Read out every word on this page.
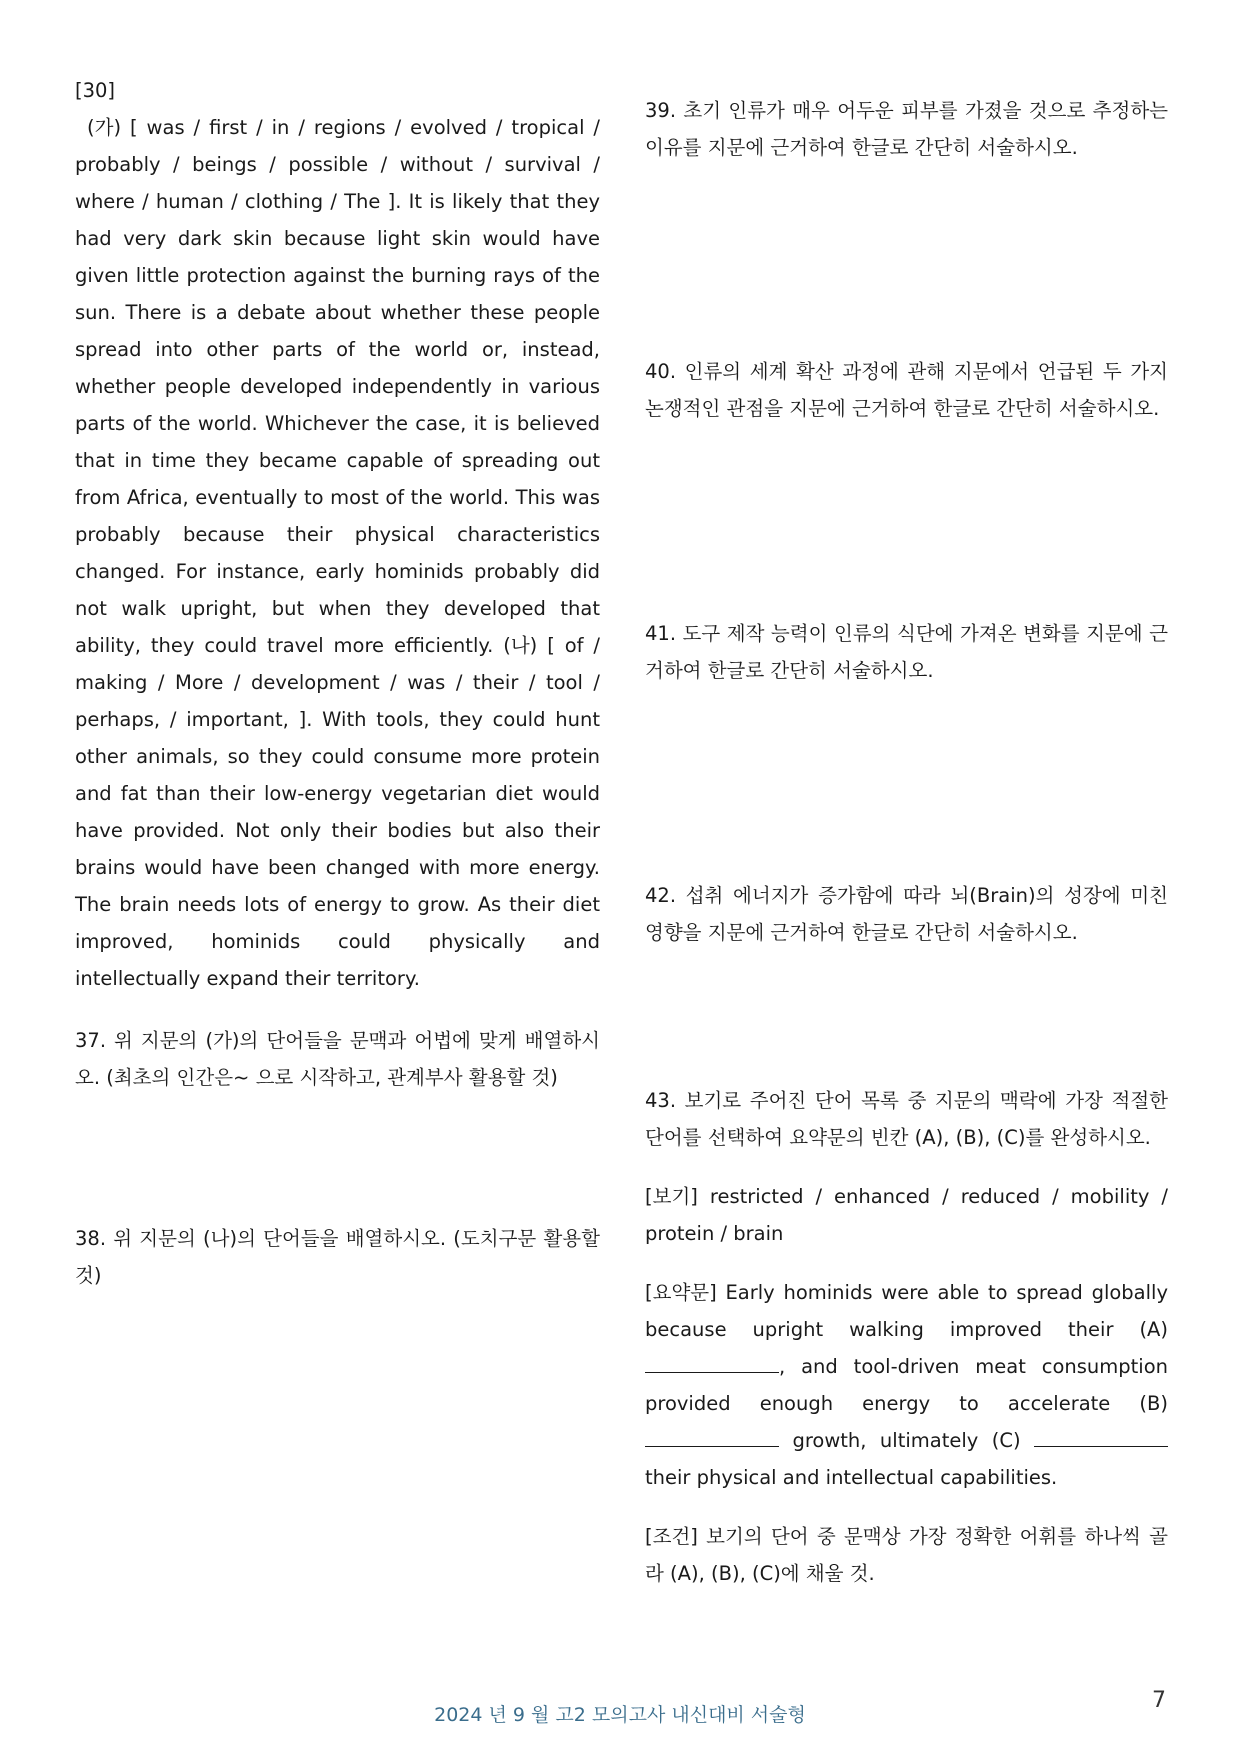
[30]

(가) [ was / first / in / regions / evolved / tropical / probably / beings / possible / without / survival / where / human / clothing / The ]. It is likely that they had very dark skin because light skin would have given little protection against the burning rays of the sun. There is a debate about whether these people spread into other parts of the world or, instead, whether people developed independently in various parts of the world. Whichever the case, it is believed that in time they became capable of spreading out from Africa, eventually to most of the world. This was probably because their physical characteristics changed. For instance, early hominids probably did not walk upright, but when they developed that ability, they could travel more efficiently. (나) [ of / making / More / development / was / their / tool / perhaps, / important, ]. With tools, they could hunt other animals, so they could consume more protein and fat than their low-energy vegetarian diet would have provided. Not only their bodies but also their brains would have been changed with more energy. The brain needs lots of energy to grow. As their diet improved, hominids could physically and intellectually expand their territory.

37. 위 지문의 (가)의 단어들을 문맥과 어법에 맞게 배열하시오. (최초의 인간은~ 으로 시작하고, 관계부사 활용할 것)

38. 위 지문의 (나)의 단어들을 배열하시오. (도치구문 활용할 것)

39. 초기 인류가 매우 어두운 피부를 가졌을 것으로 추정하는 이유를 지문에 근거하여 한글로 간단히 서술하시오.

40. 인류의 세계 확산 과정에 관해 지문에서 언급된 두 가지 논쟁적인 관점을 지문에 근거하여 한글로 간단히 서술하시오.

41. 도구 제작 능력이 인류의 식단에 가져온 변화를 지문에 근거하여 한글로 간단히 서술하시오.

42. 섭취 에너지가 증가함에 따라 뇌(Brain)의 성장에 미친 영향을 지문에 근거하여 한글로 간단히 서술하시오.

43. 보기로 주어진 단어 목록 중 지문의 맥락에 가장 적절한 단어를 선택하여 요약문의 빈칸 (A), (B), (C)를 완성하시오.
[보기] restricted / enhanced / reduced / mobility / protein / brain
[요약문] Early hominids were able to spread globally because upright walking improved their (A) , and tool-driven meat consumption provided enough energy to accelerate (B)  growth, ultimately (C)  their physical and intellectual capabilities.
[조건] 보기의 단어 중 문맥상 가장 정확한 어휘를 하나씩 골라 (A), (B), (C)에 채울 것.
2024 년 9 월 고2 모의고사 내신대비 서술형
7
